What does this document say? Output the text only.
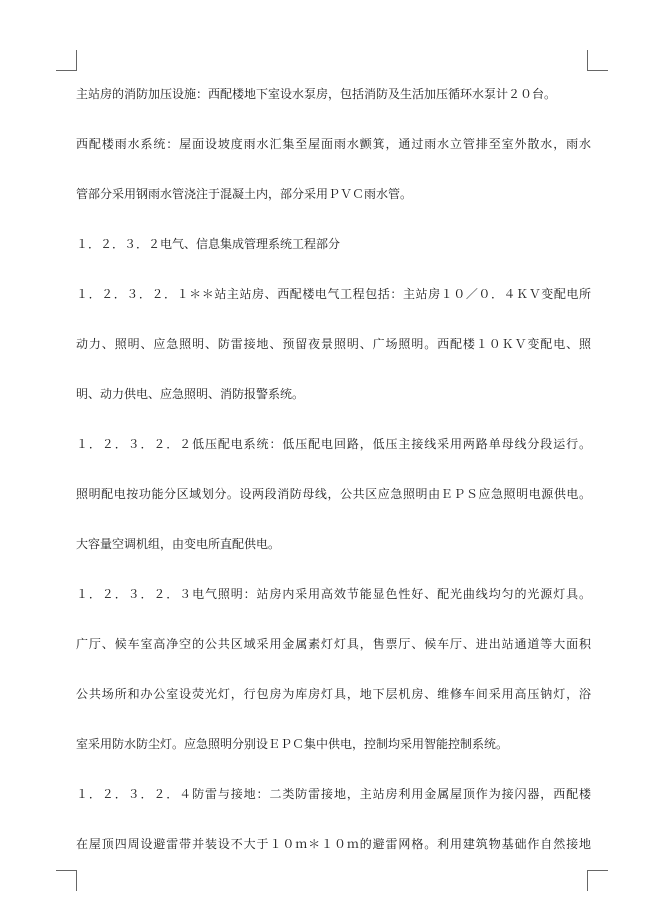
主站房的消防加压设施：西配楼地下室设水泵房，包括消防及生活加压循环水泵计２０台。
西配楼雨水系统：屋面设坡度雨水汇集至屋面雨水颤箕，通过雨水立管排至室外散水，雨水
管部分采用钢雨水管浇注于混凝土内，部分采用ＰＶＣ雨水管。
１．２．３．２电气、信息集成管理系统工程部分
１．２．３．２．１＊＊站主站房、西配楼电气工程包括：主站房１０／０．４ＫＶ变配电所
动力、照明、应急照明、防雷接地、预留夜景照明、广场照明。西配楼１０ＫＶ变配电、照
明、动力供电、应急照明、消防报警系统。
１．２．３．２．２低压配电系统：低压配电回路，低压主接线采用两路单母线分段运行。
照明配电按功能分区域划分。设两段消防母线，公共区应急照明由ＥＰＳ应急照明电源供电。
大容量空调机组，由变电所直配供电。
１．２．３．２．３电气照明：站房内采用高效节能显色性好、配光曲线均匀的光源灯具。
广厅、候车室高净空的公共区域采用金属素灯灯具，售票厅、候车厅、进出站通道等大面积
公共场所和办公室设荧光灯，行包房为库房灯具，地下层机房、维修车间采用高压钠灯，浴
室采用防水防尘灯。应急照明分别设ＥＰＣ集中供电，控制均采用智能控制系统。
１．２．３．２．４防雷与接地：二类防雷接地，主站房利用金属屋顶作为接闪器，西配楼
在屋顶四周设避雷带并装设不大于１０ｍ＊１０ｍ的避雷网格。利用建筑物基础作自然接地
